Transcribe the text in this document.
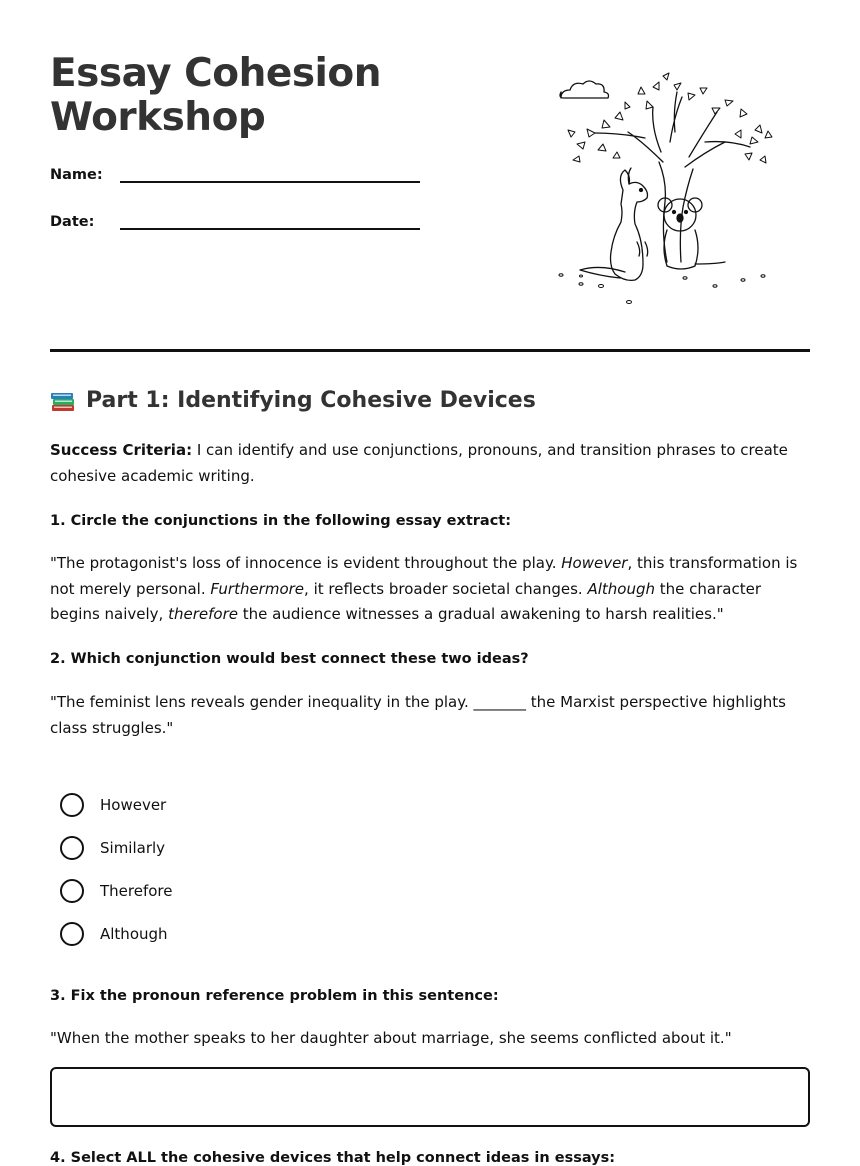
Essay Cohesion
Workshop
Name:
Date:
Part 1: Identifying Cohesive Devices

Success Criteria: I can identify and use conjunctions, pronouns, and transition phrases to create cohesive academic writing.

1. Circle the conjunctions in the following essay extract:

"The protagonist's loss of innocence is evident throughout the play. However, this transformation is not merely personal. Furthermore, it reflects broader societal changes. Although the character begins naively, therefore the audience witnesses a gradual awakening to harsh realities."

2. Which conjunction would best connect these two ideas?

"The feminist lens reveals gender inequality in the play. _______ the Marxist perspective highlights class struggles."

However
Similarly
Therefore
Although

3. Fix the pronoun reference problem in this sentence:

"When the mother speaks to her daughter about marriage, she seems conflicted about it."

4. Select ALL the cohesive devices that help connect ideas in essays:
